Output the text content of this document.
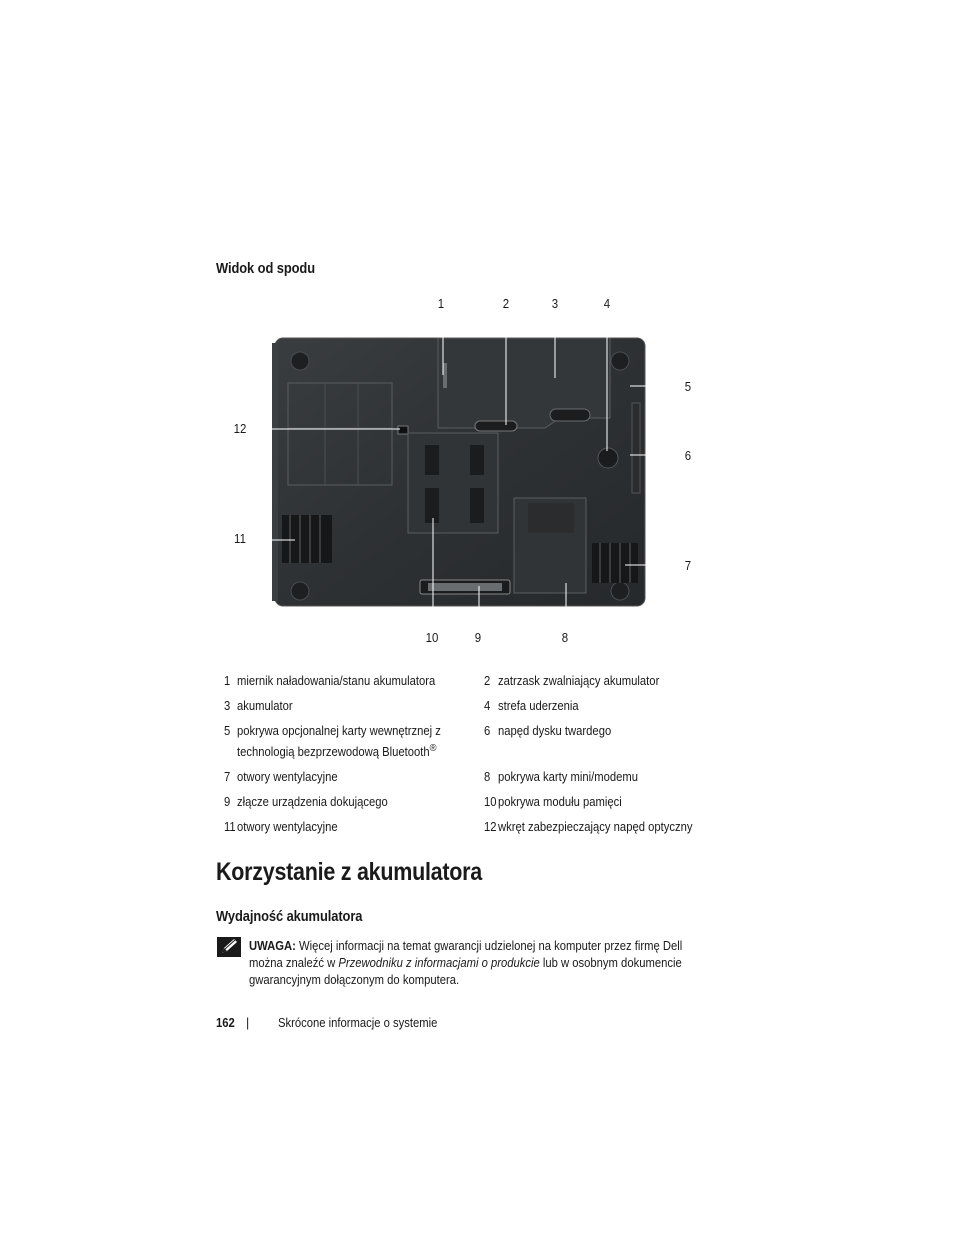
Widok od spodu
1	2	3	4
5
6
7
8
9
10
11
12
1	miernik naładowania/stanu akumulatora	2	zatrzask zwalniający akumulator
3	akumulator	4	strefa uderzenia
5	pokrywa opcjonalnej karty wewnętrznej z technologią bezprzewodową Bluetooth®	6	napęd dysku twardego
7	otwory wentylacyjne	8	pokrywa karty mini/modemu
9	złącze urządzenia dokującego	10	pokrywa modułu pamięci
11	otwory wentylacyjne	12	wkręt zabezpieczający napęd optyczny
Korzystanie z akumulatora
Wydajność akumulatora
UWAGA: Więcej informacji na temat gwarancji udzielonej na komputer przez firmę Dell można znaleźć w Przewodniku z informacjami o produkcie lub w osobnym dokumencie gwarancyjnym dołączonym do komputera.
162 | Skrócone informacje o systemie
